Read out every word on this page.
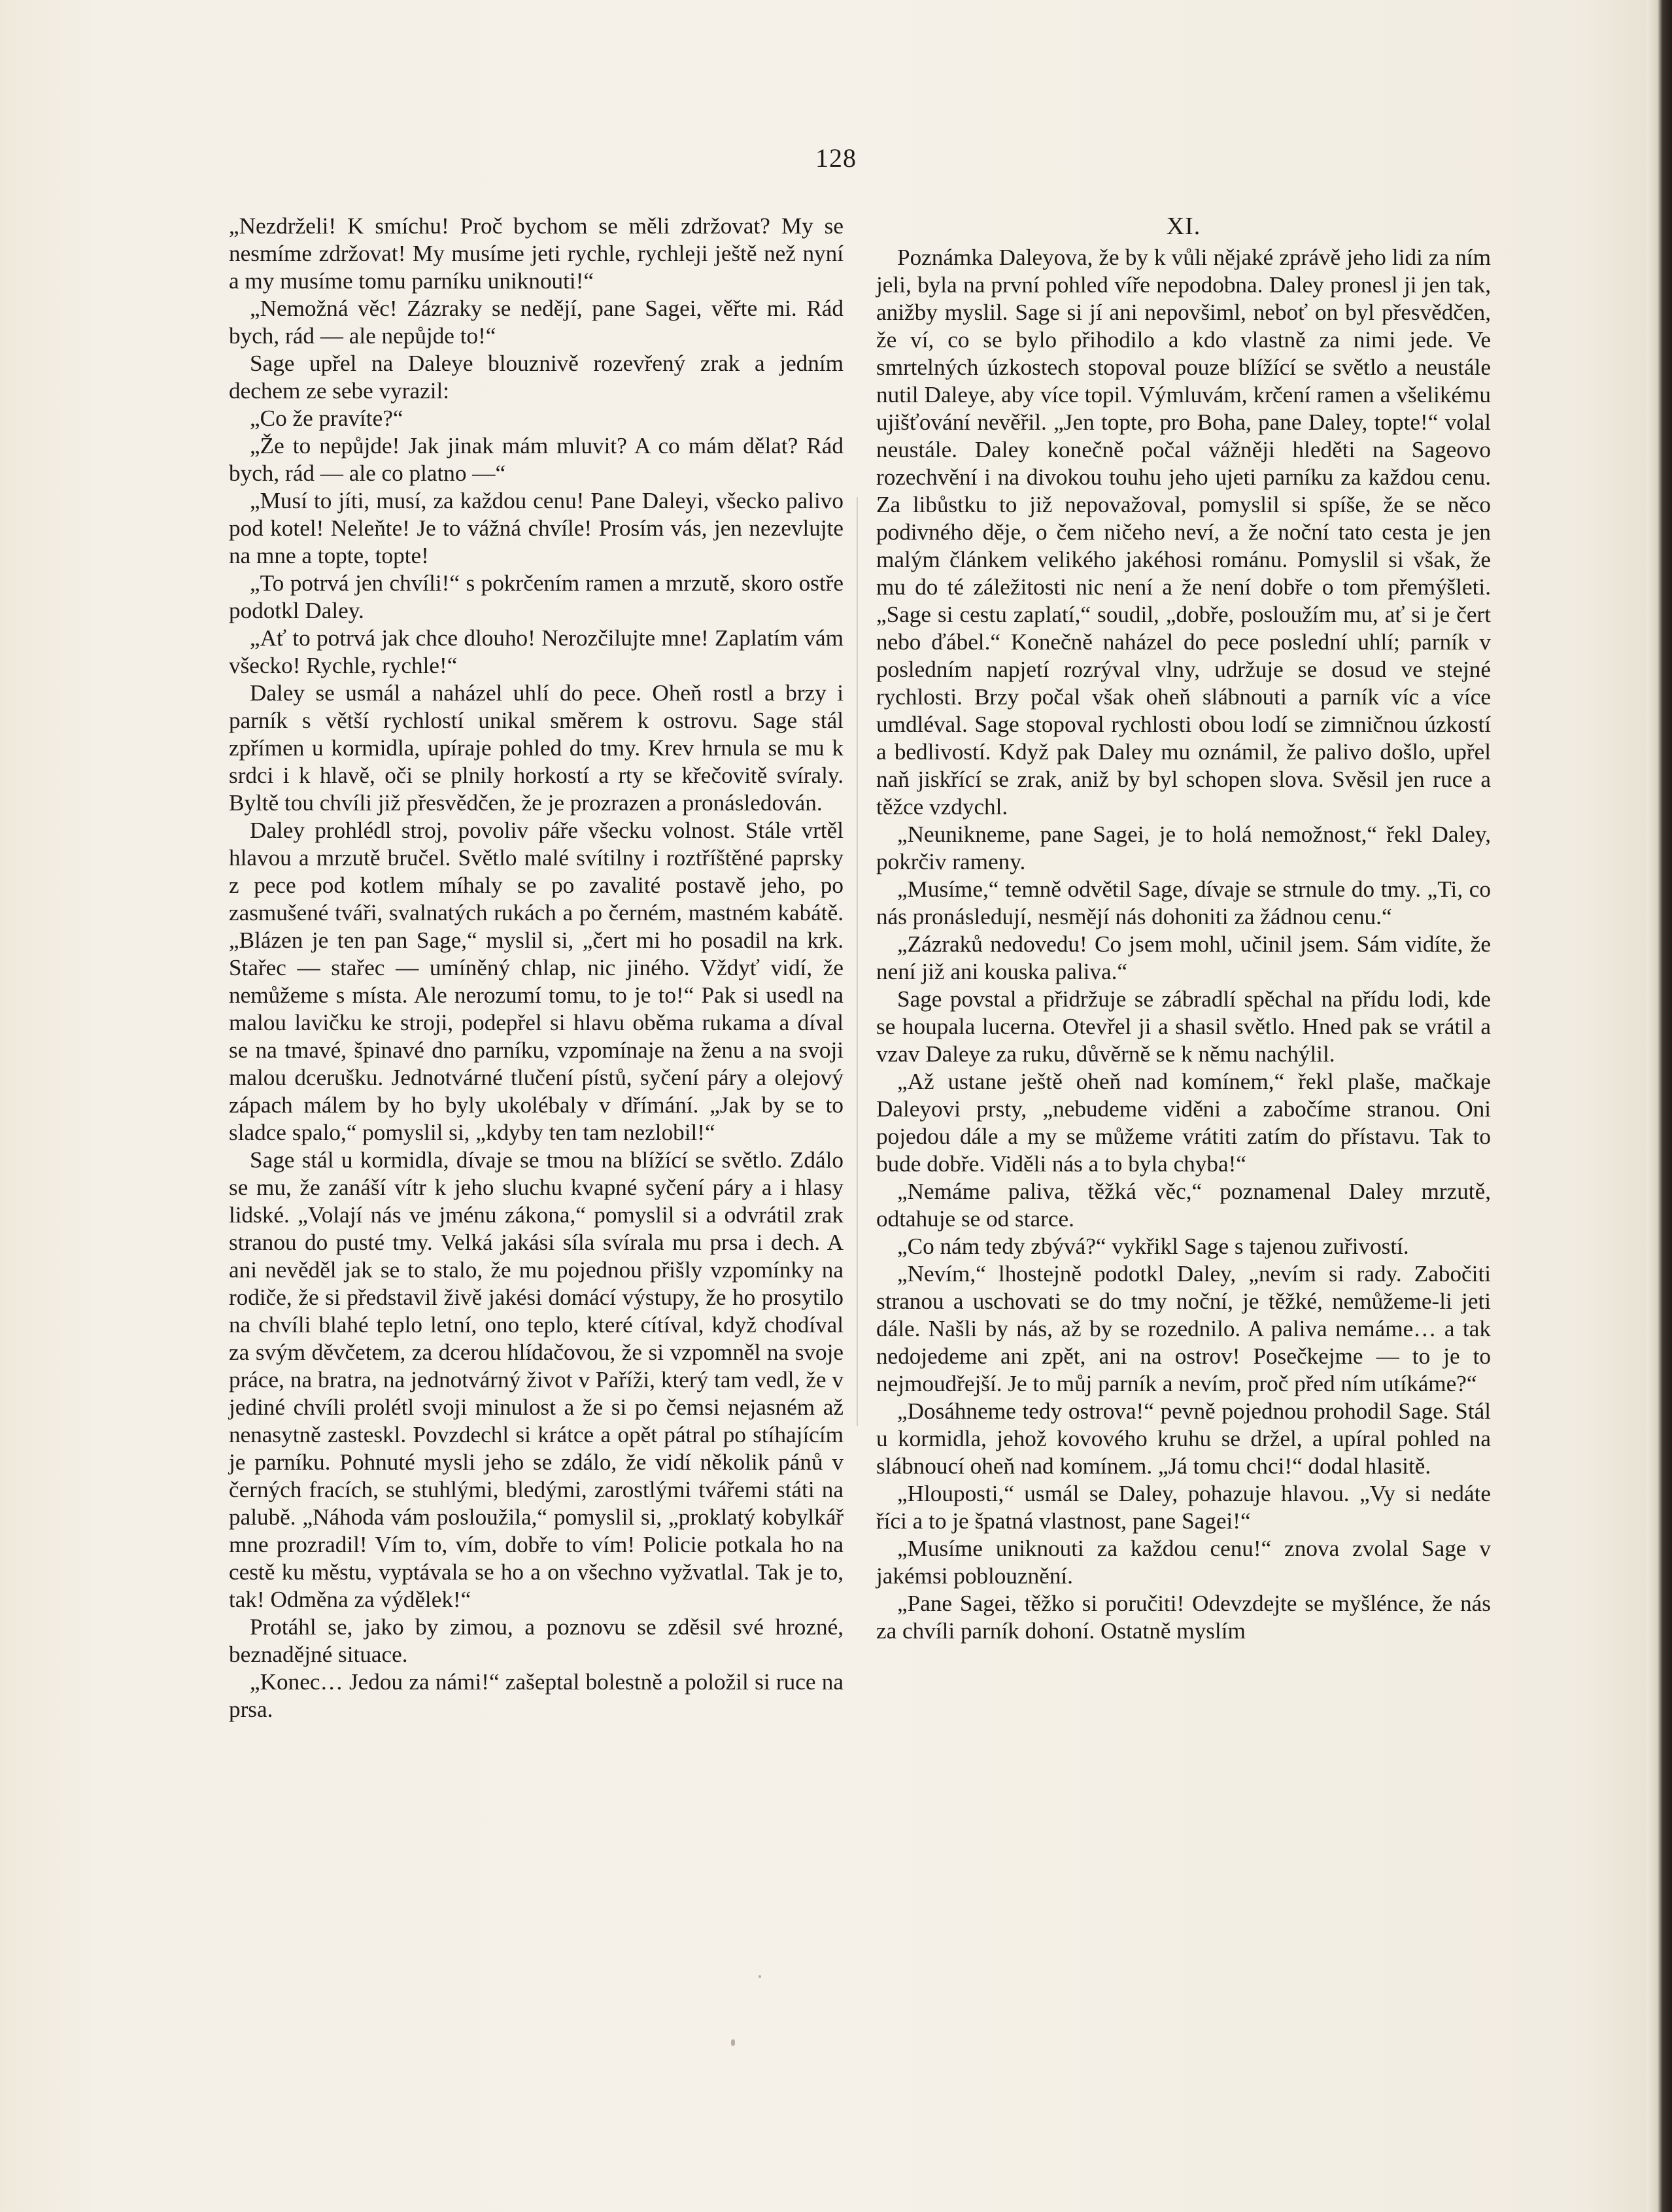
128

„Nezdrželi! K smíchu! Proč bychom se měli zdržovat? My se nesmíme zdržovat! My musíme jeti rychle, rychleji ještě než nyní a my musíme tomu parníku uniknouti!“

„Nemožná věc! Zázraky se nedějí, pane Sagei, věřte mi. Rád bych, rád — ale nepůjde to!“

Sage upřel na Daleye blouznivě rozevřený zrak a jedním dechem ze sebe vyrazil:

„Co že pravíte?“

„Že to nepůjde! Jak jinak mám mluvit? A co mám dělat? Rád bych, rád — ale co platno —“

„Musí to jíti, musí, za každou cenu! Pane Daleyi, všecko palivo pod kotel! Neleňte! Je to vážná chvíle! Prosím vás, jen nezevlujte na mne a topte, topte!

„To potrvá jen chvíli!“ s pokrčením ramen a mrzutě, skoro ostře podotkl Daley.

„Ať to potrvá jak chce dlouho! Nerozčilujte mne! Zaplatím vám všecko! Rychle, rychle!“

Daley se usmál a naházel uhlí do pece. Oheň rostl a brzy i parník s větší rychlostí unikal směrem k ostrovu. Sage stál zpřímen u kormidla, upíraje pohled do tmy. Krev hrnula se mu k srdci i k hlavě, oči se plnily horkostí a rty se křečovitě svíraly. Byltě tou chvíli již přesvědčen, že je prozrazen a pronásledován.

Daley prohlédl stroj, povoliv páře všecku volnost. Stále vrtěl hlavou a mrzutě bručel. Světlo malé svítilny i roztříštěné paprsky z pece pod kotlem míhaly se po zavalité postavě jeho, po zasmušené tváři, svalnatých rukách a po černém, mastném kabátě. „Blázen je ten pan Sage,“ myslil si, „čert mi ho posadil na krk. Stařec — stařec — umíněný chlap, nic jiného. Vždyť vidí, že nemůžeme s místa. Ale nerozumí tomu, to je to!“ Pak si usedl na malou lavičku ke stroji, podepřel si hlavu oběma rukama a díval se na tmavé, špinavé dno parníku, vzpomínaje na ženu a na svoji malou dcerušku. Jednotvárné tlučení pístů, syčení páry a olejový zápach málem by ho byly ukolébaly v dřímání. „Jak by se to sladce spalo,“ pomyslil si, „kdyby ten tam nezlobil!“

Sage stál u kormidla, dívaje se tmou na blížící se světlo. Zdálo se mu, že zanáší vítr k jeho sluchu kvapné syčení páry a i hlasy lidské. „Volají nás ve jménu zákona,“ pomyslil si a odvrátil zrak stranou do pusté tmy. Velká jakási síla svírala mu prsa i dech. A ani nevěděl jak se to stalo, že mu pojednou přišly vzpomínky na rodiče, že si představil živě jakési domácí výstupy, že ho prosytilo na chvíli blahé teplo letní, ono teplo, které cítíval, když chodíval za svým děvčetem, za dcerou hlídačovou, že si vzpomněl na svoje práce, na bratra, na jednotvárný život v Paříži, který tam vedl, že v jediné chvíli prolétl svoji minulost a že si po čemsi nejasném až nenasytně zasteskl. Povzdechl si krátce a opět pátral po stíhajícím je parníku. Pohnuté mysli jeho se zdálo, že vidí několik pánů v černých fracích, se stuhlými, bledými, zarostlými tvářemi státi na palubě. „Náhoda vám posloužila,“ pomyslil si, „proklatý kobylkář mne prozradil! Vím to, vím, dobře to vím! Policie potkala ho na cestě ku městu, vyptávala se ho a on všechno vyžvatlal. Tak je to, tak! Odměna za výdělek!“

Protáhl se, jako by zimou, a poznovu se zděsil své hrozné, beznadějné situace.

„Konec… Jedou za námi!“ zašeptal bolestně a položil si ruce na prsa.

XI.

Poznámka Daleyova, že by k vůli nějaké zprávě jeho lidi za ním jeli, byla na první pohled víře nepodobna. Daley pronesl ji jen tak, anižby myslil. Sage si jí ani nepovšiml, neboť on byl přesvědčen, že ví, co se bylo přihodilo a kdo vlastně za nimi jede. Ve smrtelných úzkostech stopoval pouze blížící se světlo a neustále nutil Daleye, aby více topil. Výmluvám, krčení ramen a všelikému ujišťování nevěřil. „Jen topte, pro Boha, pane Daley, topte!“ volal neustále. Daley konečně počal vážněji hleděti na Sageovo rozechvění i na divokou touhu jeho ujeti parníku za každou cenu. Za libůstku to již nepovažoval, pomyslil si spíše, že se něco podivného děje, o čem ničeho neví, a že noční tato cesta je jen malým článkem velikého jakéhosi románu. Pomyslil si však, že mu do té záležitosti nic není a že není dobře o tom přemýšleti. „Sage si cestu zaplatí,“ soudil, „dobře, posloužím mu, ať si je čert nebo ďábel.“ Konečně naházel do pece poslední uhlí; parník v posledním napjetí rozrýval vlny, udržuje se dosud ve stejné rychlosti. Brzy počal však oheň slábnouti a parník víc a více umdléval. Sage stopoval rychlosti obou lodí se zimničnou úzkostí a bedlivostí. Když pak Daley mu oznámil, že palivo došlo, upřel naň jiskřící se zrak, aniž by byl schopen slova. Svěsil jen ruce a těžce vzdychl.

„Neunikneme, pane Sagei, je to holá nemožnost,“ řekl Daley, pokrčiv rameny.

„Musíme,“ temně odvětil Sage, dívaje se strnule do tmy. „Ti, co nás pronásledují, nesmějí nás dohoniti za žádnou cenu.“

„Zázraků nedovedu! Co jsem mohl, učinil jsem. Sám vidíte, že není již ani kouska paliva.“

Sage povstal a přidržuje se zábradlí spěchal na přídu lodi, kde se houpala lucerna. Otevřel ji a shasil světlo. Hned pak se vrátil a vzav Daleye za ruku, důvěrně se k němu nachýlil.

„Až ustane ještě oheň nad komínem,“ řekl plaše, mačkaje Daleyovi prsty, „nebudeme viděni a zabočíme stranou. Oni pojedou dále a my se můžeme vrátiti zatím do přístavu. Tak to bude dobře. Viděli nás a to byla chyba!“

„Nemáme paliva, těžká věc,“ poznamenal Daley mrzutě, odtahuje se od starce.

„Co nám tedy zbývá?“ vykřikl Sage s tajenou zuřivostí.

„Nevím,“ lhostejně podotkl Daley, „nevím si rady. Zabočiti stranou a uschovati se do tmy noční, je těžké, nemůžeme-li jeti dále. Našli by nás, až by se rozednilo. A paliva nemáme… a tak nedojedeme ani zpět, ani na ostrov! Posečkejme — to je to nejmoudřejší. Je to můj parník a nevím, proč před ním utíkáme?“

„Dosáhneme tedy ostrova!“ pevně pojednou prohodil Sage. Stál u kormidla, jehož kovového kruhu se držel, a upíral pohled na slábnoucí oheň nad komínem. „Já tomu chci!“ dodal hlasitě.

„Hlouposti,“ usmál se Daley, pohazuje hlavou. „Vy si nedáte říci a to je špatná vlastnost, pane Sagei!“

„Musíme uniknouti za každou cenu!“ znova zvolal Sage v jakémsi poblouznění.

„Pane Sagei, těžko si poručiti! Odevzdejte se myšlénce, že nás za chvíli parník dohoní. Ostatně myslím
